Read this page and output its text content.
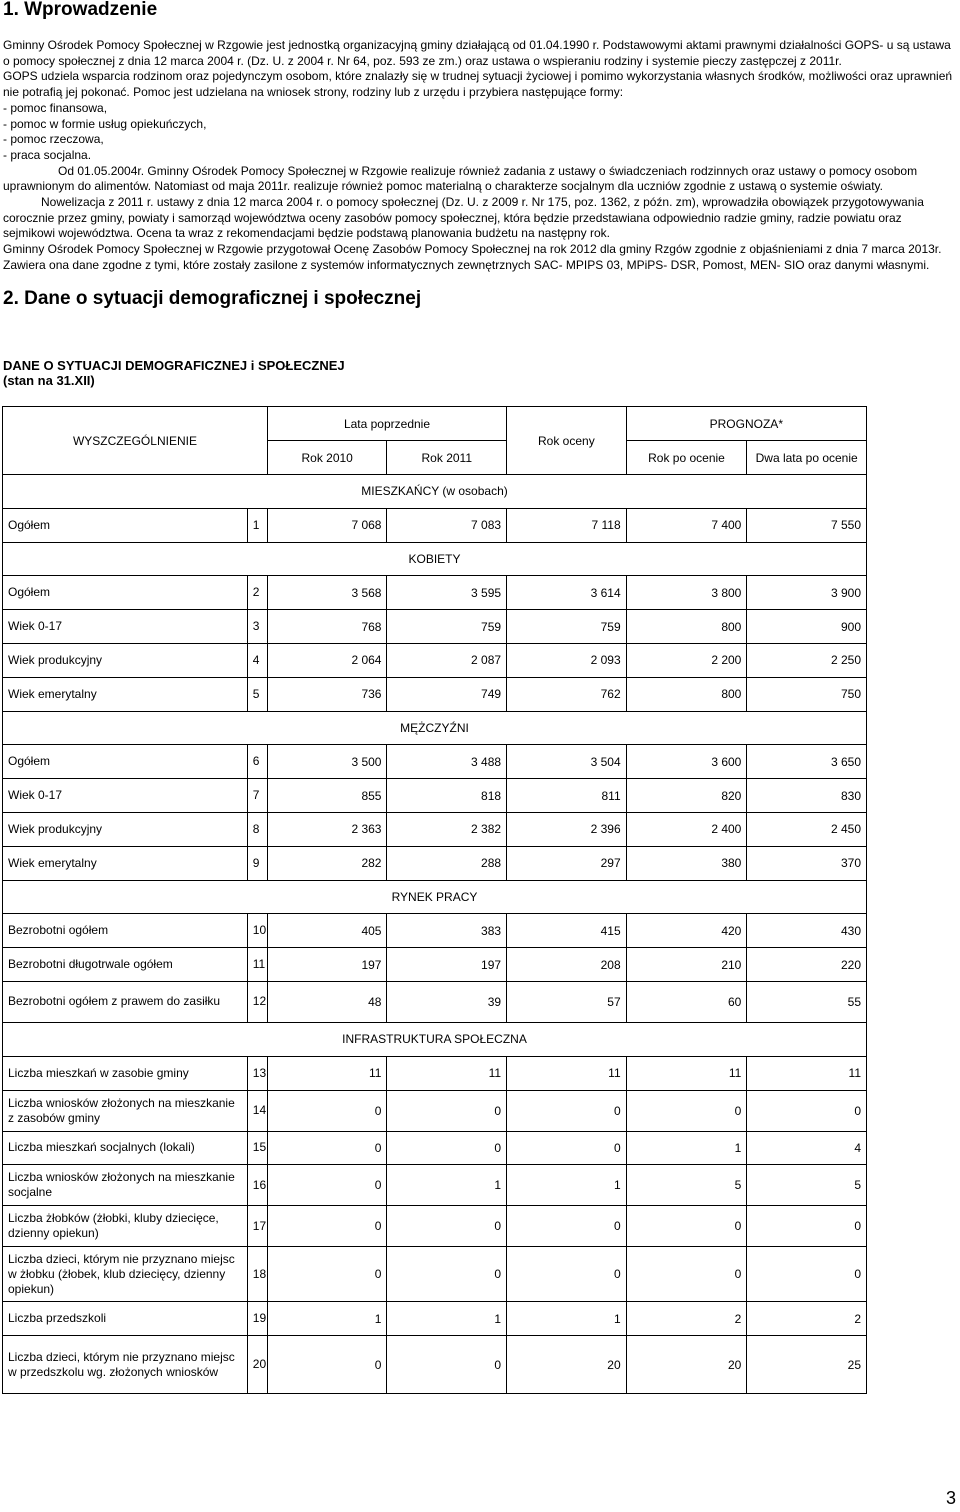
1. Wprowadzenie

Gminny Ośrodek Pomocy Społecznej w Rzgowie jest jednostką organizacyjną gminy działającą od 01.04.1990 r. Podstawowymi aktami prawnymi działalności GOPS- u są ustawa o pomocy społecznej z dnia 12 marca 2004 r. (Dz. U. z 2004 r. Nr 64, poz. 593 ze zm.) oraz ustawa o wspieraniu rodziny i systemie pieczy zastępczej z 2011r.

GOPS udziela wsparcia rodzinom oraz pojedynczym osobom, które znalazły się w trudnej sytuacji życiowej i pomimo wykorzystania własnych środków, możliwości oraz uprawnień nie potrafią jej pokonać. Pomoc jest udzielana na wniosek strony, rodziny lub z urzędu i przybiera następujące formy:

- pomoc finansowa,

- pomoc w formie usług opiekuńczych,

- pomoc rzeczowa,

- praca socjalna.

Od 01.05.2004r. Gminny Ośrodek Pomocy Społecznej w Rzgowie realizuje również zadania z ustawy o świadczeniach rodzinnych oraz ustawy o pomocy osobom uprawnionym do alimentów. Natomiast od maja 2011r. realizuje również pomoc materialną o charakterze socjalnym dla uczniów zgodnie z ustawą o systemie oświaty.

Nowelizacja z 2011 r. ustawy z dnia 12 marca 2004 r. o pomocy społecznej (Dz. U. z 2009 r. Nr 175, poz. 1362, z późn. zm), wprowadziła obowiązek przygotowywania corocznie przez gminy, powiaty i samorząd województwa oceny zasobów pomocy społecznej, która będzie przedstawiana odpowiednio radzie gminy, radzie powiatu oraz sejmikowi województwa. Ocena ta wraz z rekomendacjami będzie podstawą planowania budżetu na następny rok.

Gminny Ośrodek Pomocy Społecznej w Rzgowie przygotował Ocenę Zasobów Pomocy Społecznej na rok 2012 dla gminy Rzgów zgodnie z objaśnieniami z dnia 7 marca 2013r. Zawiera ona dane zgodne z tymi, które zostały zasilone z systemów informatycznych zewnętrznych SAC- MPIPS 03, MPiPS- DSR, Pomost, MEN- SIO oraz danymi własnymi.

2. Dane o sytuacji demograficznej i społecznej
DANE O SYTUACJI DEMOGRAFICZNEJ i SPOŁECZNEJ
(stan na 31.XII)
WYSZCZEGÓLNIENIE		Lata poprzednie		Rok oceny	PROGNOZA*	
		Rok 2010	Rok 2011		Rok po ocenie	Dwa lata po ocenie
MIESZKAŃCY (w osobach)						
Ogółem	1	7 068	7 083	7 118	7 400	7 550
KOBIETY						
Ogółem	2	3 568	3 595	3 614	3 800	3 900
Wiek 0-17	3	768	759	759	800	900
Wiek produkcyjny	4	2 064	2 087	2 093	2 200	2 250
Wiek emerytalny	5	736	749	762	800	750
MĘŻCZYŹNI						
Ogółem	6	3 500	3 488	3 504	3 600	3 650
Wiek 0-17	7	855	818	811	820	830
Wiek produkcyjny	8	2 363	2 382	2 396	2 400	2 450
Wiek emerytalny	9	282	288	297	380	370
RYNEK PRACY						
Bezrobotni ogółem	10	405	383	415	420	430
Bezrobotni długotrwale ogółem	11	197	197	208	210	220
Bezrobotni ogółem z prawem do zasiłku	12	48	39	57	60	55
INFRASTRUKTURA SPOŁECZNA						
Liczba mieszkań w zasobie gminy	13	11	11	11	11	11
Liczba wniosków złożonych na mieszkanie z zasobów gminy	14	0	0	0	0	0
Liczba mieszkań socjalnych (lokali)	15	0	0	0	1	4
Liczba wniosków złożonych na mieszkanie socjalne	16	0	1	1	5	5
Liczba żłobków (żłobki, kluby dziecięce, dzienny opiekun)	17	0	0	0	0	0
Liczba dzieci, którym nie przyznano miejsc w żłobku (żłobek, klub dziecięcy, dzienny opiekun)	18	0	0	0	0	0
Liczba przedszkoli	19	1	1	1	2	2
Liczba dzieci, którym nie przyznano miejsc w przedszkolu wg. złożonych wniosków	20	0	0	20	20	25
3
